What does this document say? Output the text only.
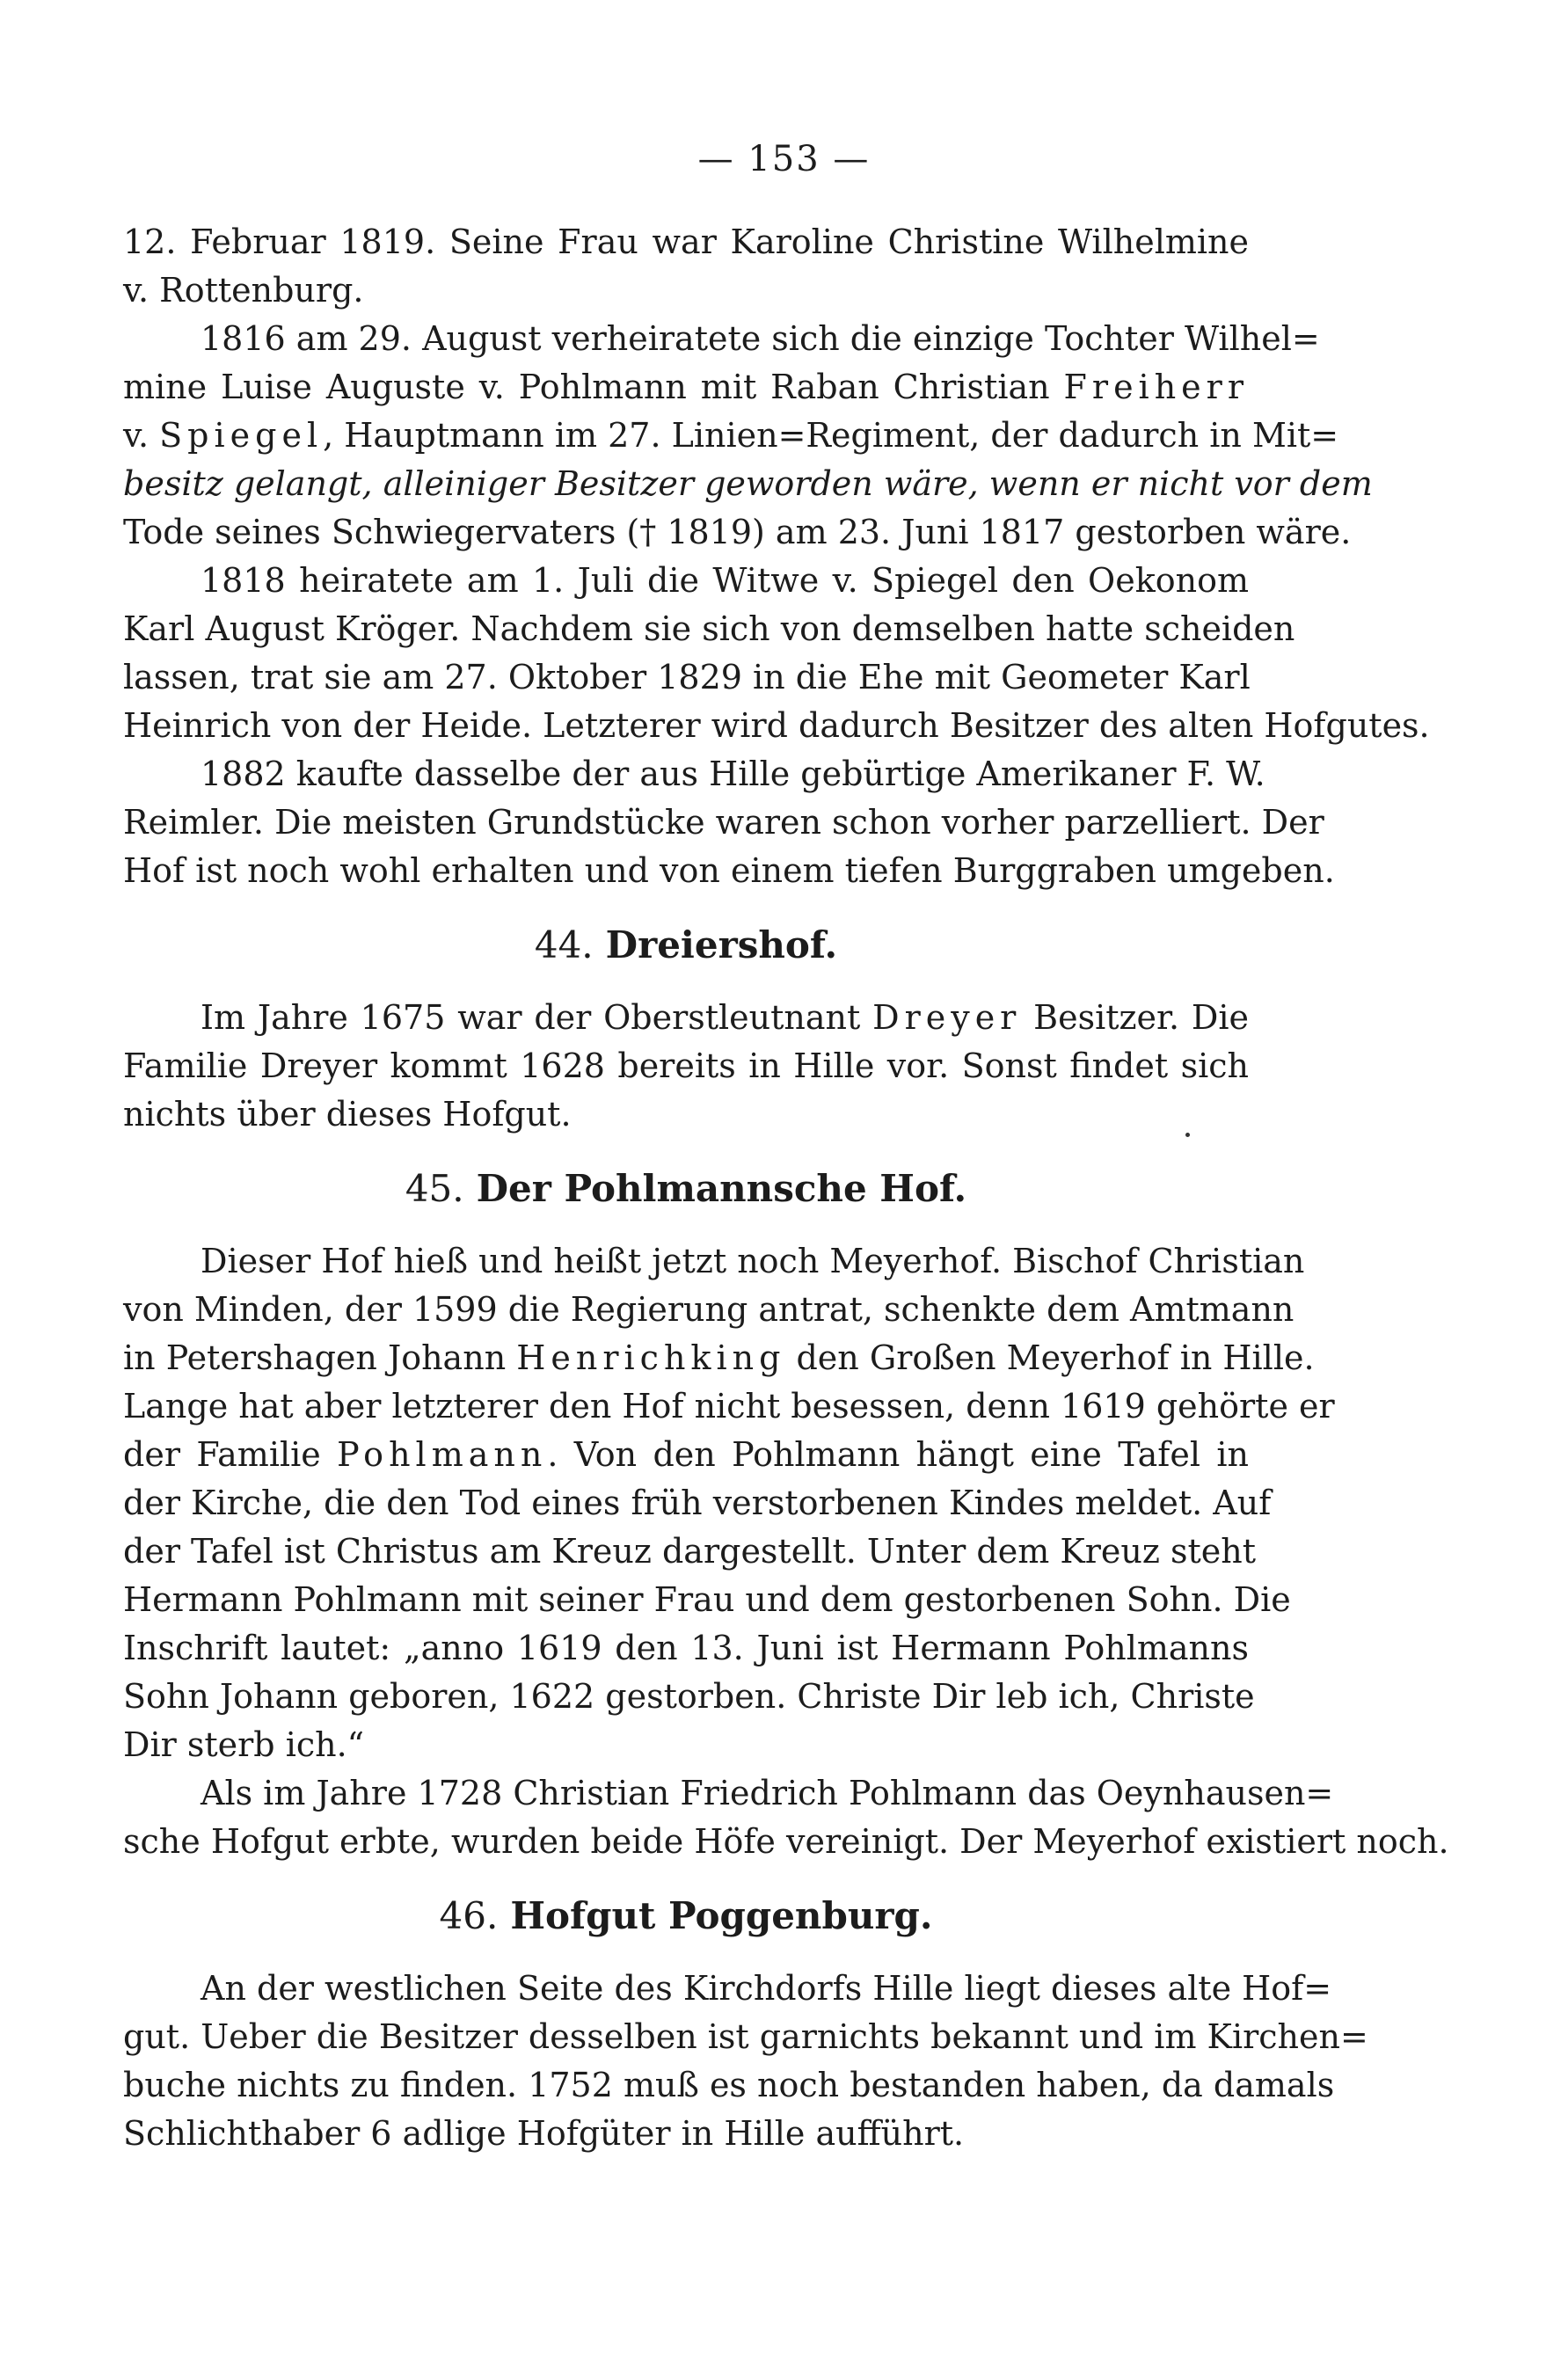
— 153 —
12. Februar 1819. Seine Frau war Karoline Christine Wilhelmine
v. Rottenburg.
1816 am 29. August verheiratete sich die einzige Tochter Wilhel=
mine Luise Auguste v. Pohlmann mit Raban Christian Freiherr
v. Spiegel, Hauptmann im 27. Linien=Regiment, der dadurch in Mit=
besitz gelangt, alleiniger Besitzer geworden wäre, wenn er nicht vor dem
Tode seines Schwiegervaters († 1819) am 23. Juni 1817 gestorben wäre.
1818 heiratete am 1. Juli die Witwe v. Spiegel den Oekonom
Karl August Kröger. Nachdem sie sich von demselben hatte scheiden
lassen, trat sie am 27. Oktober 1829 in die Ehe mit Geometer Karl
Heinrich von der Heide. Letzterer wird dadurch Besitzer des alten Hofgutes.
1882 kaufte dasselbe der aus Hille gebürtige Amerikaner F. W.
Reimler. Die meisten Grundstücke waren schon vorher parzelliert. Der
Hof ist noch wohl erhalten und von einem tiefen Burggraben umgeben.
44. Dreiershof.
Im Jahre 1675 war der Oberstleutnant Dreyer Besitzer. Die
Familie Dreyer kommt 1628 bereits in Hille vor. Sonst findet sich
nichts über dieses Hofgut.
45. Der Pohlmannsche Hof.
Dieser Hof hieß und heißt jetzt noch Meyerhof. Bischof Christian
von Minden, der 1599 die Regierung antrat, schenkte dem Amtmann
in Petershagen Johann Henrichking den Großen Meyerhof in Hille.
Lange hat aber letzterer den Hof nicht besessen, denn 1619 gehörte er
der Familie Pohlmann. Von den Pohlmann hängt eine Tafel in
der Kirche, die den Tod eines früh verstorbenen Kindes meldet. Auf
der Tafel ist Christus am Kreuz dargestellt. Unter dem Kreuz steht
Hermann Pohlmann mit seiner Frau und dem gestorbenen Sohn. Die
Inschrift lautet: „anno 1619 den 13. Juni ist Hermann Pohlmanns
Sohn Johann geboren, 1622 gestorben. Christe Dir leb ich, Christe
Dir sterb ich.“
Als im Jahre 1728 Christian Friedrich Pohlmann das Oeynhausen=
sche Hofgut erbte, wurden beide Höfe vereinigt. Der Meyerhof existiert noch.
46. Hofgut Poggenburg.
An der westlichen Seite des Kirchdorfs Hille liegt dieses alte Hof=
gut. Ueber die Besitzer desselben ist garnichts bekannt und im Kirchen=
buche nichts zu finden. 1752 muß es noch bestanden haben, da damals
Schlichthaber 6 adlige Hofgüter in Hille aufführt.
